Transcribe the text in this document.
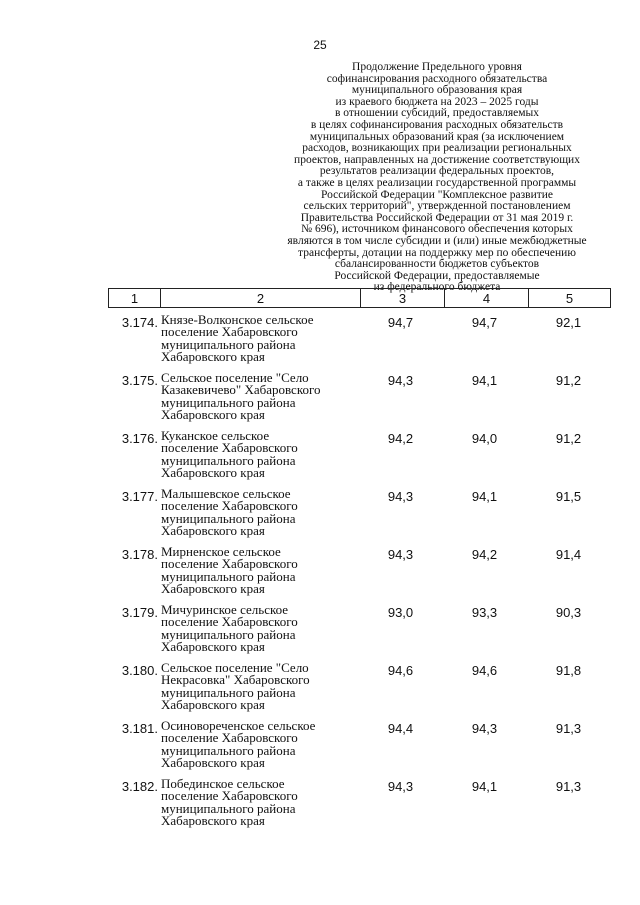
25
Продолжение Предельного уровня
софинансирования расходного обязательства
муниципального образования края
из краевого бюджета на 2023 – 2025 годы
в отношении субсидий, предоставляемых
в целях софинансирования расходных обязательств
муниципальных образований края (за исключением
расходов, возникающих при реализации региональных
проектов, направленных на достижение соответствующих
результатов реализации федеральных проектов,
а также в целях реализации государственной программы
Российской Федерации "Комплексное развитие
сельских территорий", утвержденной постановлением
Правительства Российской Федерации от 31 мая 2019 г.
№ 696), источником финансового обеспечения которых
являются в том числе субсидии и (или) иные межбюджетные
трансферты, дотации на поддержку мер по обеспечению
сбалансированности бюджетов субъектов
Российской Федерации, предоставляемые
из федерального бюджета
1	2	3	4	5
3.174. Князе-Волконское сельское
поселение Хабаровского
муниципального района
Хабаровского края
94,7	94,7	92,1
3.175. Сельское поселение "Село
Казакевичево" Хабаровского
муниципального района
Хабаровского края
94,3	94,1	91,2
3.176. Куканское сельское
поселение Хабаровского
муниципального района
Хабаровского края
94,2	94,0	91,2
3.177. Малышевское сельское
поселение Хабаровского
муниципального района
Хабаровского края
94,3	94,1	91,5
3.178. Мирненское сельское
поселение Хабаровского
муниципального района
Хабаровского края
94,3	94,2	91,4
3.179. Мичуринское сельское
поселение Хабаровского
муниципального района
Хабаровского края
93,0	93,3	90,3
3.180. Сельское поселение "Село
Некрасовка" Хабаровского
муниципального района
Хабаровского края
94,6	94,6	91,8
3.181. Осиновореченское сельское
поселение Хабаровского
муниципального района
Хабаровского края
94,4	94,3	91,3
3.182. Побединское сельское
поселение Хабаровского
муниципального района
Хабаровского края
94,3	94,1	91,3
